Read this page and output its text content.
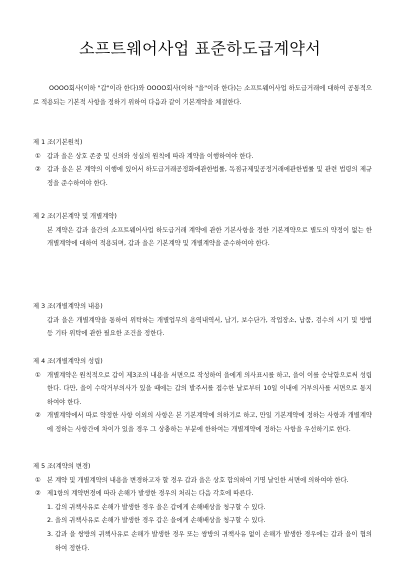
소프트웨어사업 표준하도급계약서

OOOO회사(이하 "갑"이라 한다)와 OOOO회사(이하 "을"이라 한다)는 소프트웨어사업 하도급거래에 대하여 공통적으로 적용되는 기본적 사항을 정하기 위하여 다음과 같이 기본계약을 체결한다.

제 1 조(기본원칙)

① 갑과 을은 상호 존중 및 신의와 성실의 원칙에 따라 계약을 이행하여야 한다.

② 갑과 을은 본 계약의 이행에 있어서 하도급거래공정화에관한법률, 독점규제및공정거래에관한법률 및 관련 법령의 제규정을 준수하여야 한다.

제 2 조(기본계약 및 개별계약)

본 계약은 갑과 을간의 소프트웨어사업 하도급거래 계약에 관한 기본사항을 정한 기본계약으로 별도의 약정이 없는 한 개별계약에 대하여 적용되며, 갑과 을은 기본계약 및 개별계약을 준수하여야 한다.

제 3 조(개별계약의 내용)

갑과 을은 개별계약을 통하여 위탁하는 개별업무의 용역내역서, 납기, 보수단가, 작업장소, 납품, 검수의 시기 및 방법 등 기타 위탁에 관한 필요한 조건을 정한다.

제 4 조(개별계약의 성립)

① 개별계약은 원칙적으로 갑이 제3조의 내용을 서면으로 작성하여 을에게 의사표시를 하고, 을이 이를 승낙함으로써 성립한다. 다만, 을이 수락거부의사가 있을 때에는 갑의 발주서를 접수한 날로부터 10일 이내에 거부의사를 서면으로 통지하여야 한다.

② 개별계약에서 따로 약정한 사항 이외의 사항은 본 기본계약에 의하기로 하고, 만일 기본계약에 정하는 사항과 개별계약에 정하는 사항간에 차이가 있을 경우 그 상충하는 부분에 한하여는 개별계약에 정하는 사항을 우선하기로 한다.

제 5 조(계약의 변경)

① 본 계약 및 개별계약의 내용을 변경하고자 할 경우 갑과 을은 상호 합의하여 기명 날인한 서면에 의하여야 한다.

② 제1항의 계약변경에 따라 손해가 발생한 경우의 처리는 다음 각호에 따른다.

1. 갑의 귀책사유로 손해가 발생한 경우 을은 갑에게 손해배상을 청구할 수 있다.

2. 을의 귀책사유로 손해가 발생한 경우 갑은 을에게 손해배상을 청구할 수 있다.

3. 갑과 을 쌍방의 귀책사유로 손해가 발생한 경우 또는 쌍방의 귀책사유 없이 손해가 발생한 경우에는 갑과 을이 협의하여 정한다.
